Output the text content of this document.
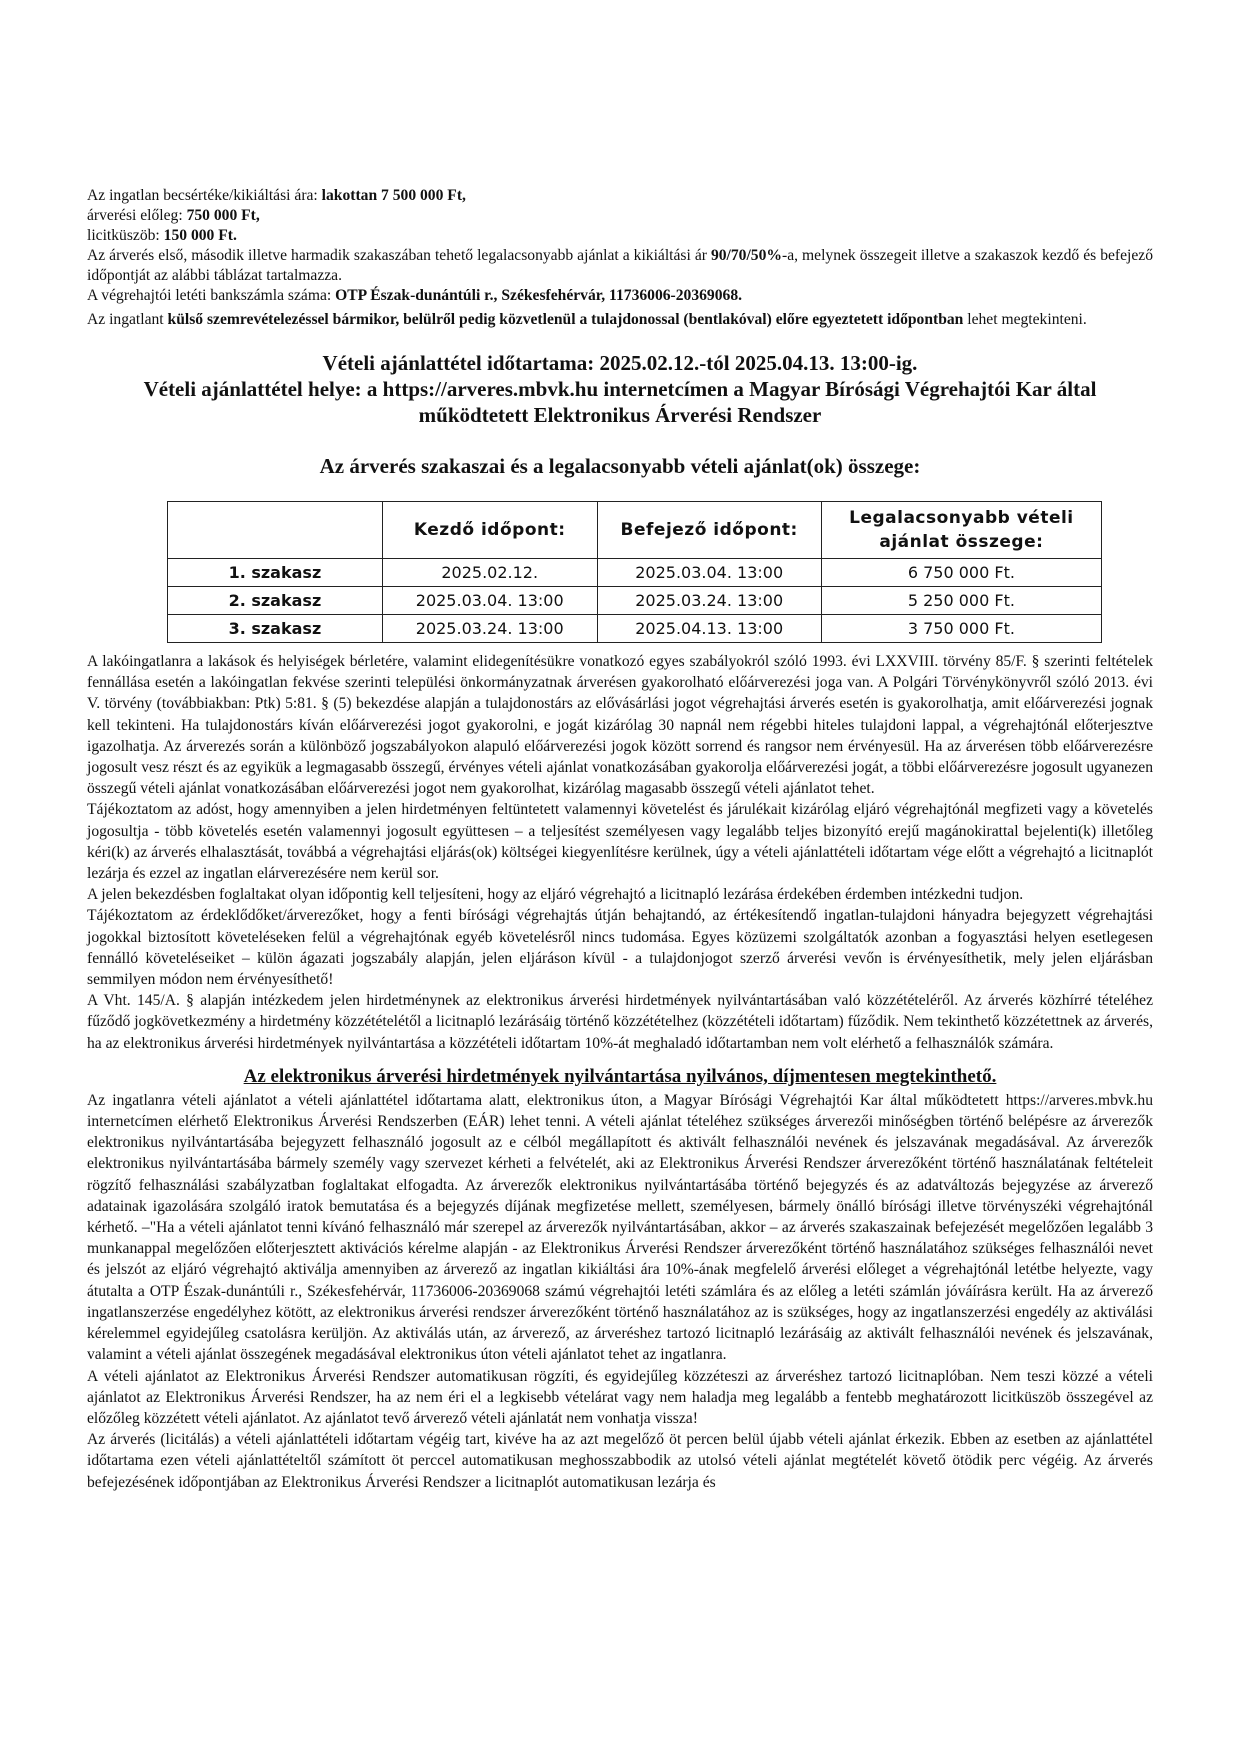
Az ingatlan becsértéke/kikiáltási ára: lakottan 7 500 000 Ft,

árverési előleg: 750 000 Ft,

licitküszöb: 150 000 Ft.

Az árverés első, második illetve harmadik szakaszában tehető legalacsonyabb ajánlat a kikiáltási ár 90/70/50%-a, melynek összegeit illetve a szakaszok kezdő és befejező időpontját az alábbi táblázat tartalmazza.

A végrehajtói letéti bankszámla száma: OTP Észak-dunántúli r., Székesfehérvár, 11736006-20369068.

Az ingatlant külső szemrevételezéssel bármikor, belülről pedig közvetlenül a tulajdonossal (bentlakóval) előre egyeztetett időpontban lehet megtekinteni.

Vételi ajánlattétel időtartama: 2025.02.12.-tól 2025.04.13. 13:00-ig.

Vételi ajánlattétel helye: a https://arveres.mbvk.hu internetcímen a Magyar Bírósági Végrehajtói Kar által működtetett Elektronikus Árverési Rendszer

Az árverés szakaszai és a legalacsonyabb vételi ajánlat(ok) összege:
	Kezdő időpont:	Befejező időpont:	Legalacsonyabb vételi ajánlat összege:
1. szakasz	2025.02.12.	2025.03.04. 13:00	6 750 000 Ft.
2. szakasz	2025.03.04. 13:00	2025.03.24. 13:00	5 250 000 Ft.
3. szakasz	2025.03.24. 13:00	2025.04.13. 13:00	3 750 000 Ft.

A lakóingatlanra a lakások és helyiségek bérletére, valamint elidegenítésükre vonatkozó egyes szabályokról szóló 1993. évi LXXVIII. törvény 85/F. § szerinti feltételek fennállása esetén a lakóingatlan fekvése szerinti települési önkormányzatnak árverésen gyakorolható előárverezési joga van. A Polgári Törvénykönyvről szóló 2013. évi V. törvény (továbbiakban: Ptk) 5:81. § (5) bekezdése alapján a tulajdonostárs az elővásárlási jogot végrehajtási árverés esetén is gyakorolhatja, amit előárverezési jognak kell tekinteni. Ha tulajdonostárs kíván előárverezési jogot gyakorolni, e jogát kizárólag 30 napnál nem régebbi hiteles tulajdoni lappal, a végrehajtónál előterjesztve igazolhatja. Az árverezés során a különböző jogszabályokon alapuló előárverezési jogok között sorrend és rangsor nem érvényesül. Ha az árverésen több előárverezésre jogosult vesz részt és az egyikük a legmagasabb összegű, érvényes vételi ajánlat vonatkozásában gyakorolja előárverezési jogát, a többi előárverezésre jogosult ugyanezen összegű vételi ajánlat vonatkozásában előárverezési jogot nem gyakorolhat, kizárólag magasabb összegű vételi ajánlatot tehet.

Tájékoztatom az adóst, hogy amennyiben a jelen hirdetményen feltüntetett valamennyi követelést és járulékait kizárólag eljáró végrehajtónál megfizeti vagy a követelés jogosultja - több követelés esetén valamennyi jogosult együttesen – a teljesítést személyesen vagy legalább teljes bizonyító erejű magánokirattal bejelenti(k) illetőleg kéri(k) az árverés elhalasztását, továbbá a végrehajtási eljárás(ok) költségei kiegyenlítésre kerülnek, úgy a vételi ajánlattételi időtartam vége előtt a végrehajtó a licitnaplót lezárja és ezzel az ingatlan elárverezésére nem kerül sor.

A jelen bekezdésben foglaltakat olyan időpontig kell teljesíteni, hogy az eljáró végrehajtó a licitnapló lezárása érdekében érdemben intézkedni tudjon.

Tájékoztatom az érdeklődőket/árverezőket, hogy a fenti bírósági végrehajtás útján behajtandó, az értékesítendő ingatlan-tulajdoni hányadra bejegyzett végrehajtási jogokkal biztosított követeléseken felül a végrehajtónak egyéb követelésről nincs tudomása. Egyes közüzemi szolgáltatók azonban a fogyasztási helyen esetlegesen fennálló követeléseiket – külön ágazati jogszabály alapján, jelen eljáráson kívül - a tulajdonjogot szerző árverési vevőn is érvényesíthetik, mely jelen eljárásban semmilyen módon nem érvényesíthető!

A Vht. 145/A. § alapján intézkedem jelen hirdetménynek az elektronikus árverési hirdetmények nyilvántartásában való közzétételéről. Az árverés közhírré tételéhez fűződő jogkövetkezmény a hirdetmény közzétételétől a licitnapló lezárásáig történő közzétételhez (közzétételi időtartam) fűződik. Nem tekinthető közzétettnek az árverés, ha az elektronikus árverési hirdetmények nyilvántartása a közzétételi időtartam 10%-át meghaladó időtartamban nem volt elérhető a felhasználók számára.

Az elektronikus árverési hirdetmények nyilvántartása nyilvános, díjmentesen megtekinthető.

Az ingatlanra vételi ajánlatot a vételi ajánlattétel időtartama alatt, elektronikus úton, a Magyar Bírósági Végrehajtói Kar által működtetett https://arveres.mbvk.hu internetcímen elérhető Elektronikus Árverési Rendszerben (EÁR) lehet tenni. A vételi ajánlat tételéhez szükséges árverezői minőségben történő belépésre az árverezők elektronikus nyilvántartásába bejegyzett felhasználó jogosult az e célból megállapított és aktivált felhasználói nevének és jelszavának megadásával. Az árverezők elektronikus nyilvántartásába bármely személy vagy szervezet kérheti a felvételét, aki az Elektronikus Árverési Rendszer árverezőként történő használatának feltételeit rögzítő felhasználási szabályzatban foglaltakat elfogadta. Az árverezők elektronikus nyilvántartásába történő bejegyzés és az adatváltozás bejegyzése az árverező adatainak igazolására szolgáló iratok bemutatása és a bejegyzés díjának megfizetése mellett, személyesen, bármely önálló bírósági illetve törvényszéki végrehajtónál kérhető. –"Ha a vételi ajánlatot tenni kívánó felhasználó már szerepel az árverezők nyilvántartásában, akkor – az árverés szakaszainak befejezését megelőzően legalább 3 munkanappal megelőzően előterjesztett aktivációs kérelme alapján - az Elektronikus Árverési Rendszer árverezőként történő használatához szükséges felhasználói nevet és jelszót az eljáró végrehajtó aktiválja amennyiben az árverező az ingatlan kikiáltási ára 10%-ának megfelelő árverési előleget a végrehajtónál letétbe helyezte, vagy átutalta a OTP Észak-dunántúli r., Székesfehérvár, 11736006-20369068 számú végrehajtói letéti számlára és az előleg a letéti számlán jóváírásra került. Ha az árverező ingatlanszerzése engedélyhez kötött, az elektronikus árverési rendszer árverezőként történő használatához az is szükséges, hogy az ingatlanszerzési engedély az aktiválási kérelemmel egyidejűleg csatolásra kerüljön. Az aktiválás után, az árverező, az árveréshez tartozó licitnapló lezárásáig az aktivált felhasználói nevének és jelszavának, valamint a vételi ajánlat összegének megadásával elektronikus úton vételi ajánlatot tehet az ingatlanra.

A vételi ajánlatot az Elektronikus Árverési Rendszer automatikusan rögzíti, és egyidejűleg közzéteszi az árveréshez tartozó licitnaplóban. Nem teszi közzé a vételi ajánlatot az Elektronikus Árverési Rendszer, ha az nem éri el a legkisebb vételárat vagy nem haladja meg legalább a fentebb meghatározott licitküszöb összegével az előzőleg közzétett vételi ajánlatot. Az ajánlatot tevő árverező vételi ajánlatát nem vonhatja vissza!

Az árverés (licitálás) a vételi ajánlattételi időtartam végéig tart, kivéve ha az azt megelőző öt percen belül újabb vételi ajánlat érkezik. Ebben az esetben az ajánlattétel időtartama ezen vételi ajánlattételtől számított öt perccel automatikusan meghosszabbodik az utolsó vételi ajánlat megtételét követő ötödik perc végéig. Az árverés befejezésének időpontjában az Elektronikus Árverési Rendszer a licitnaplót automatikusan lezárja és
